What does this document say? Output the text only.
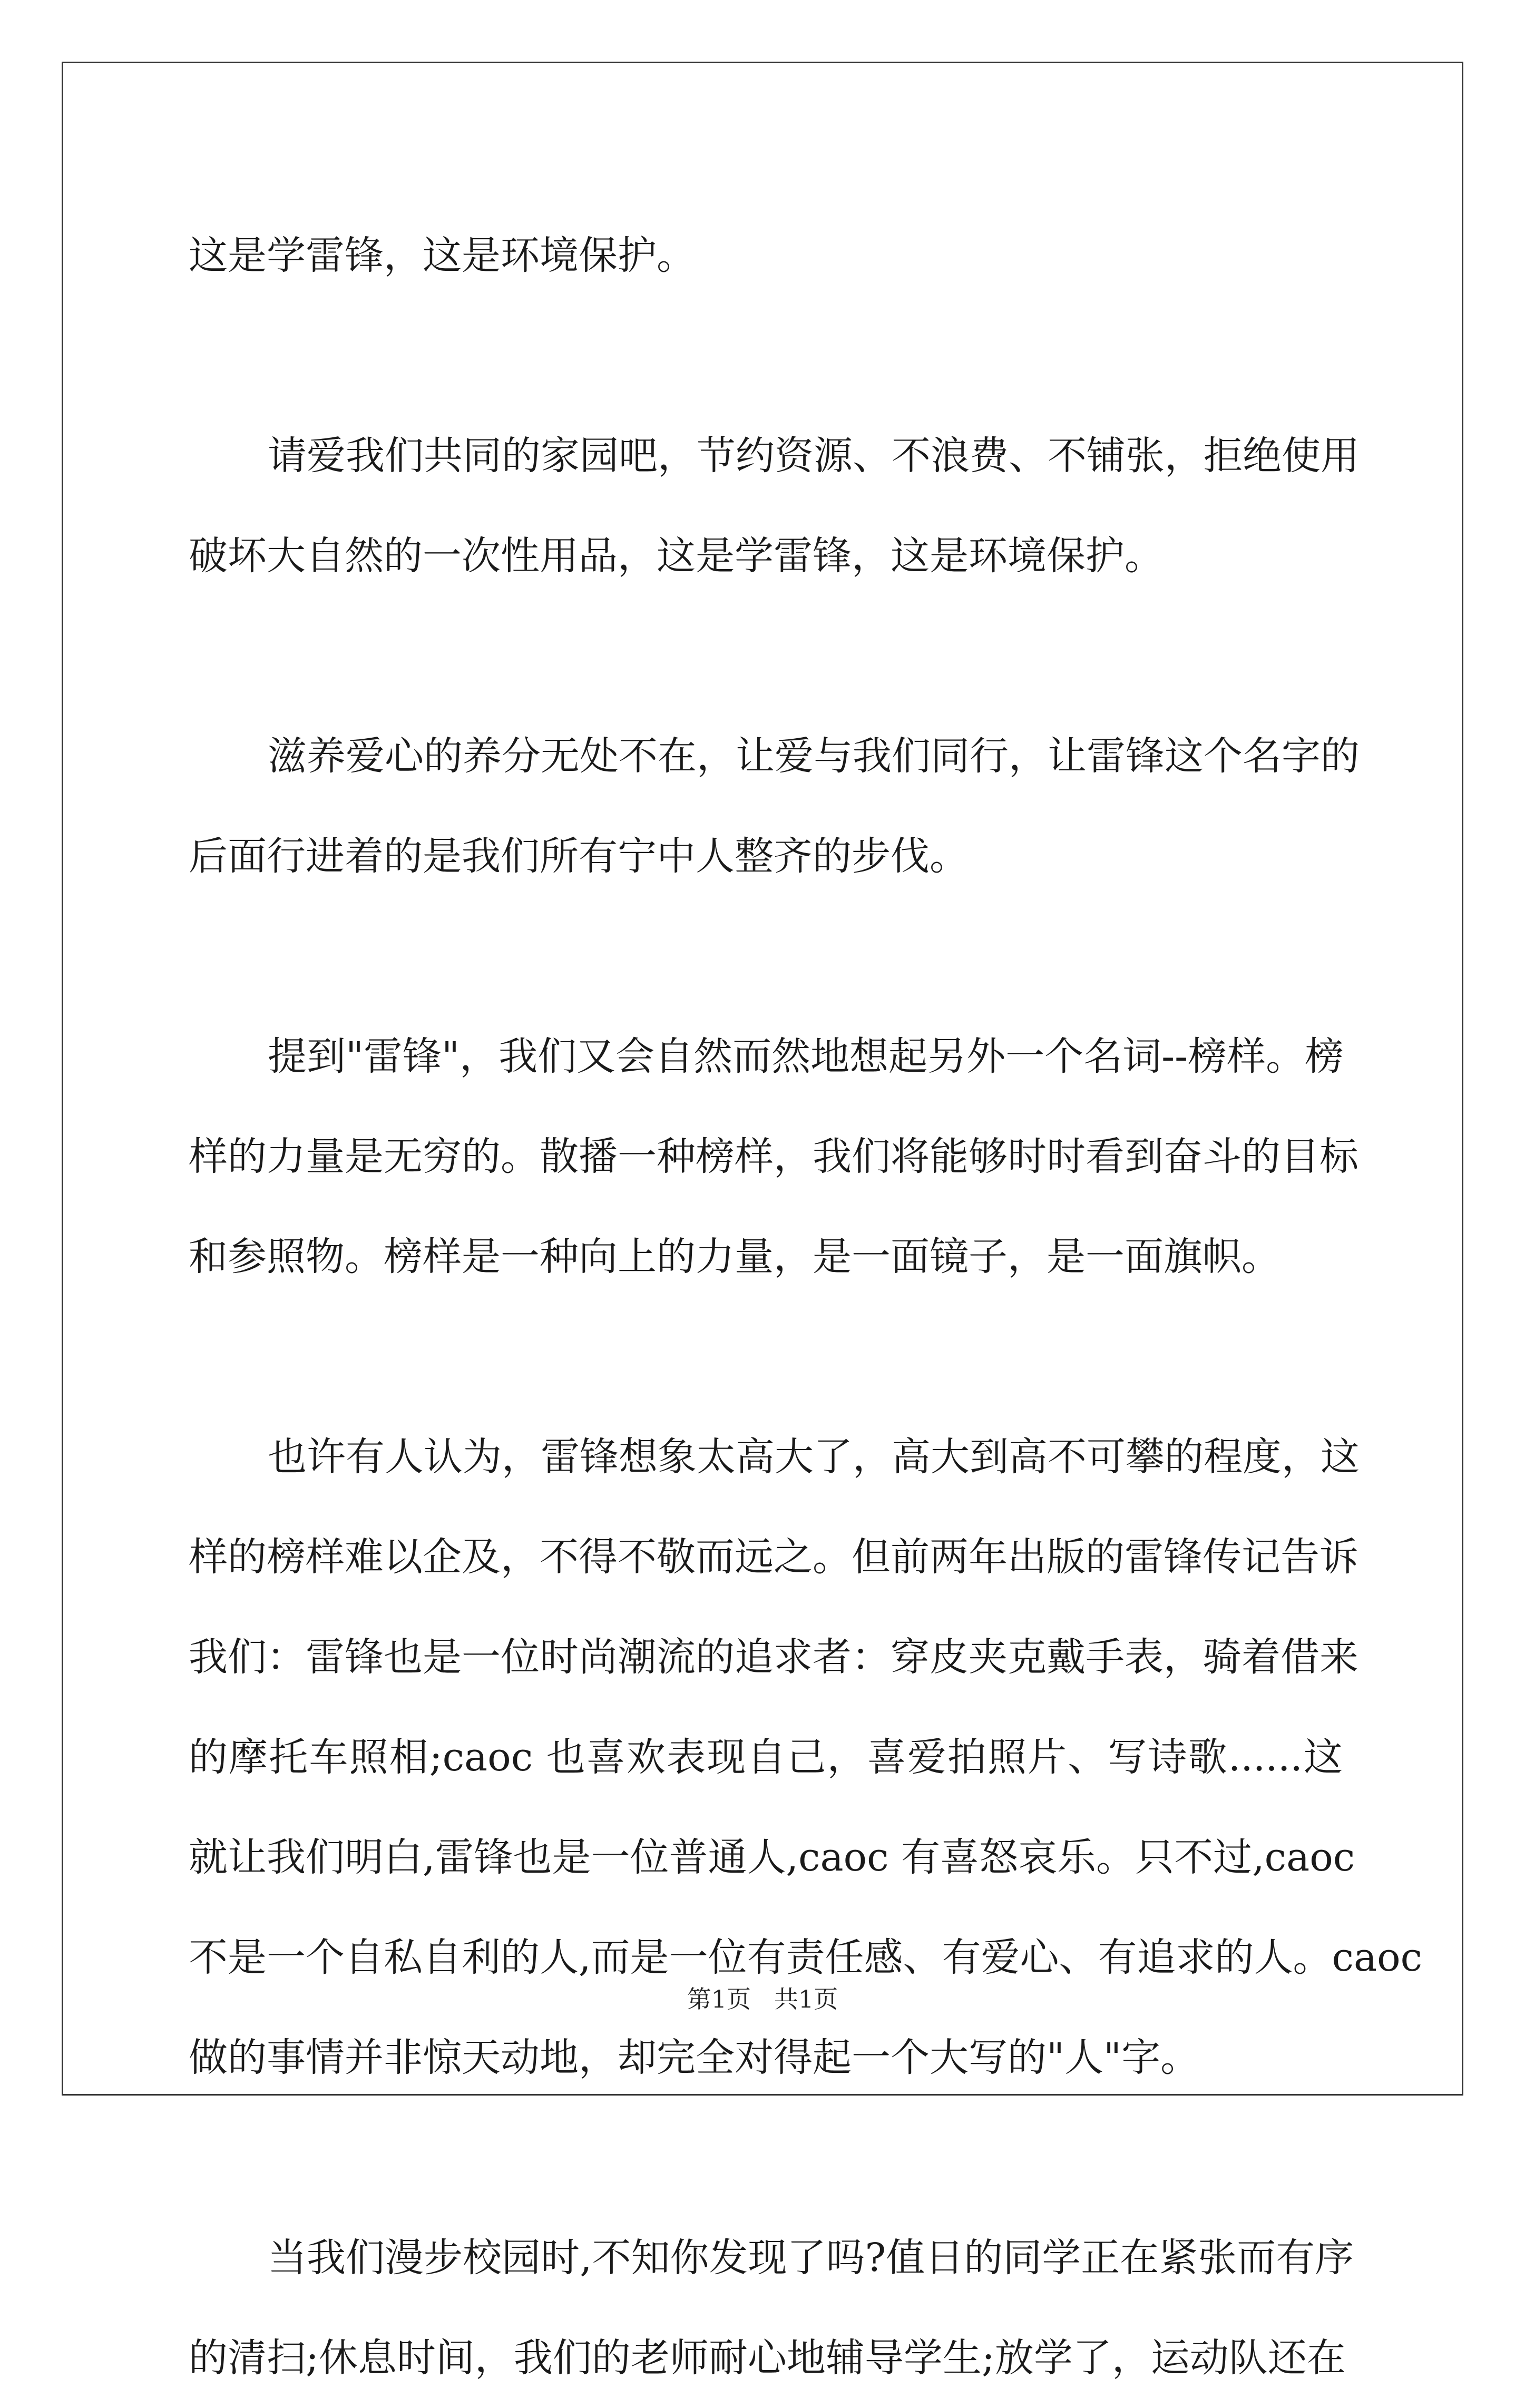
这是学雷锋，这是环境保护。
请爱我们共同的家园吧，节约资源、不浪费、不铺张，拒绝使用
破坏大自然的一次性用品，这是学雷锋，这是环境保护。
滋养爱心的养分无处不在，让爱与我们同行，让雷锋这个名字的
后面行进着的是我们所有宁中人整齐的步伐。
提到"雷锋"，我们又会自然而然地想起另外一个名词--榜样。榜
样的力量是无穷的。散播一种榜样，我们将能够时时看到奋斗的目标
和参照物。榜样是一种向上的力量，是一面镜子，是一面旗帜。
也许有人认为，雷锋想象太高大了，高大到高不可攀的程度，这
样的榜样难以企及，不得不敬而远之。但前两年出版的雷锋传记告诉
我们：雷锋也是一位时尚潮流的追求者：穿皮夹克戴手表，骑着借来
的摩托车照相;caoc 也喜欢表现自己，喜爱拍照片、写诗歌......这
就让我们明白,雷锋也是一位普通人,caoc 有喜怒哀乐。只不过,caoc
不是一个自私自利的人,而是一位有责任感、有爱心、有追求的人。caoc
做的事情并非惊天动地，却完全对得起一个大写的"人"字。
当我们漫步校园时,不知你发现了吗?值日的同学正在紧张而有序
的清扫;休息时间，我们的老师耐心地辅导学生;放学了，运动队还在
第1页 共1页
